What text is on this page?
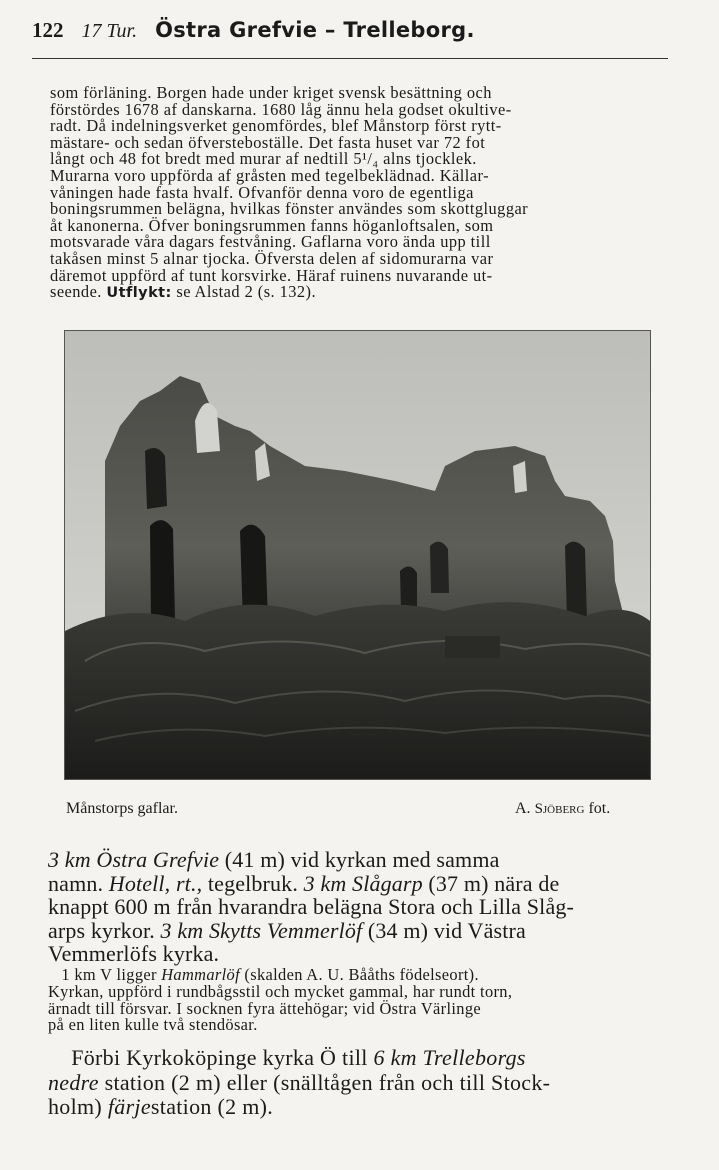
122 17 Tur. Östra Grefvie – Trelleborg.
som förläning. Borgen hade under kriget svensk besättning och
förstördes 1678 af danskarna. 1680 låg ännu hela godset okultive-
radt. Då indelningsverket genomfördes, blef Månstorp först rytt-
mästare- och sedan öfversteboställe. Det fasta huset var 72 fot
långt och 48 fot bredt med murar af nedtill 5¹/₄ alns tjocklek.
Murarna voro uppförda af gråsten med tegelbeklädnad. Källar-
våningen hade fasta hvalf. Ofvanför denna voro de egentliga
boningsrummen belägna, hvilkas fönster användes som skottgluggar
åt kanonerna. Öfver boningsrummen fanns höganloftsalen, som
motsvarade våra dagars festvåning. Gaflarna voro ända upp till
takåsen minst 5 alnar tjocka. Öfversta delen af sidomurarna var
däremot uppförd af tunt korsvirke. Häraf ruinens nuvarande ut-
seende. Utflykt: se Alstad 2 (s. 132).
Månstorps gaflar.	A. Sjöberg fot.
3 km Östra Grefvie (41 m) vid kyrkan med samma
namn. Hotell, rt., tegelbruk. 3 km Slågarp (37 m) nära de
knappt 600 m från hvarandra belägna Stora och Lilla Slåg-
arps kyrkor. 3 km Skytts Vemmerlöf (34 m) vid Västra
Vemmerlöfs kyrka.
1 km V ligger Hammarlöf (skalden A. U. Bååths födelseort).
Kyrkan, uppförd i rundbågsstil och mycket gammal, har rundt torn,
ärnadt till försvar. I socknen fyra ättehögar; vid Östra Värlinge
på en liten kulle två stendösar.
Förbi Kyrkoköpinge kyrka Ö till 6 km Trelleborgs
nedre station (2 m) eller (snälltågen från och till Stock-
holm) färjestation (2 m).
